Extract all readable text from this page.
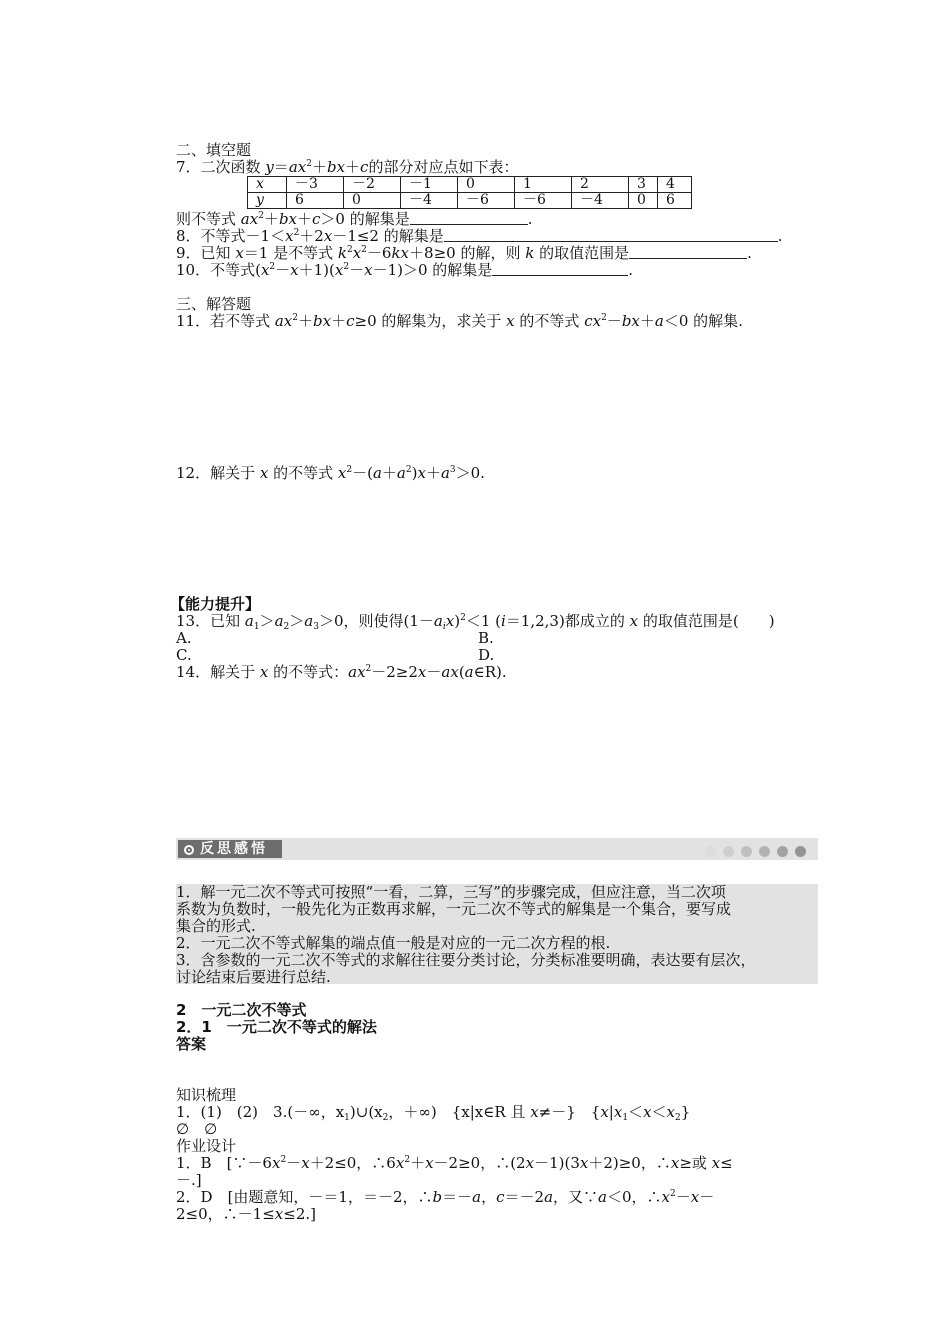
二、填空题
7．二次函数 $y=ax^2+bx+c$的部分对应点如下表：
x	－3	－2	－1	0	1	2	3	4
y	6	0	－4	－6	－6	－4	0	6
则不等式 $ax^2+bx+c>0$ 的解集是	.
8．不等式$-1<x^2+2x-1\le 2$ 的解集是	.
9．已知 x＝1 是不等式 $k^2x^2-6kx+8\ge 0$ 的解，则 k 的取值范围是	.
10．不等式$(x^2-x+1)(x^2-x-1)>0$ 的解集是	.
三、解答题
11．若不等式 $ax^2+bx+c\ge 0$ 的解集为，求关于 x 的不等式 $cx^2-bx+a<0$ 的解集.
12．解关于 x 的不等式 $x^2-(a+a^2)x+a^3>0$.
【能力提升】
13．已知 $a_1>a_2>a_3>0$，则使得$(1-a_ix)^2<1$ (i＝1,2,3)都成立的 x 的取值范围是(　　)
A.	B.
C.	D.
14．解关于 x 的不等式：$ax^2-2\ge 2x-ax(a\in R)$.
反思感悟
1．解一元二次不等式可按照“一看，二算，三写”的步骤完成，但应注意，当二次项
系数为负数时，一般先化为正数再求解，一元二次不等式的解集是一个集合，要写成
集合的形式.
2．一元二次不等式解集的端点值一般是对应的一元二次方程的根.
3．含参数的一元二次不等式的求解往往要分类讨论，分类标准要明确，表达要有层次，
讨论结束后要进行总结.
2　一元二次不等式
2．1　一元二次不等式的解法
答案
知识梳理
1．(1)　(2)　3.(－∞，$x_1)\cup(x_2$，＋∞)　{x|x∈R 且 x≠－}　$\{x|x_1<x<x_2\}$
∅　∅
作业设计
1．B　[$\because-6x^2-x+2\le 0$，$\therefore 6x^2+x-2\ge 0$，∴(2x－1)(3x＋2)≥0，∴x≥或 x≤
－.]
2．D　[由题意知，－＝1，＝－2，∴b＝－a，c＝－2a，又∵a＜0，$\therefore x^2-x-$
2≤0，∴－1≤x≤2.]
